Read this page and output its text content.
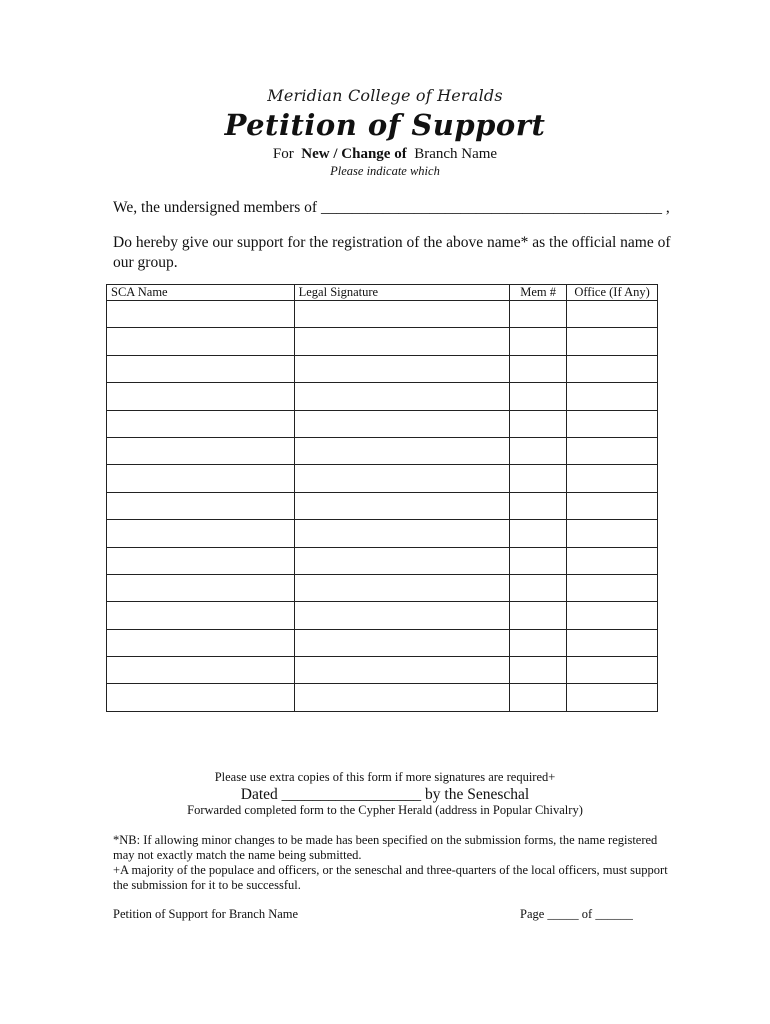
Meridian College of Heralds
Petition of Support
For New / Change of Branch Name
Please indicate which
We, the undersigned members of ____________________________________________ ,
Do hereby give our support for the registration of the above name* as the official name of our group.
SCA Name	Legal Signature	Mem #	Office (If Any)

Please use extra copies of this form if more signatures are required+
Dated __________________ by the Seneschal
Forwarded completed form to the Cypher Herald (address in Popular Chivalry)
*NB: If allowing minor changes to be made has been specified on the submission forms, the name registered may not exactly match the name being submitted.
+A majority of the populace and officers, or the seneschal and three-quarters of the local officers, must support the submission for it to be successful.
Petition of Support for Branch Name	Page _____ of ______
